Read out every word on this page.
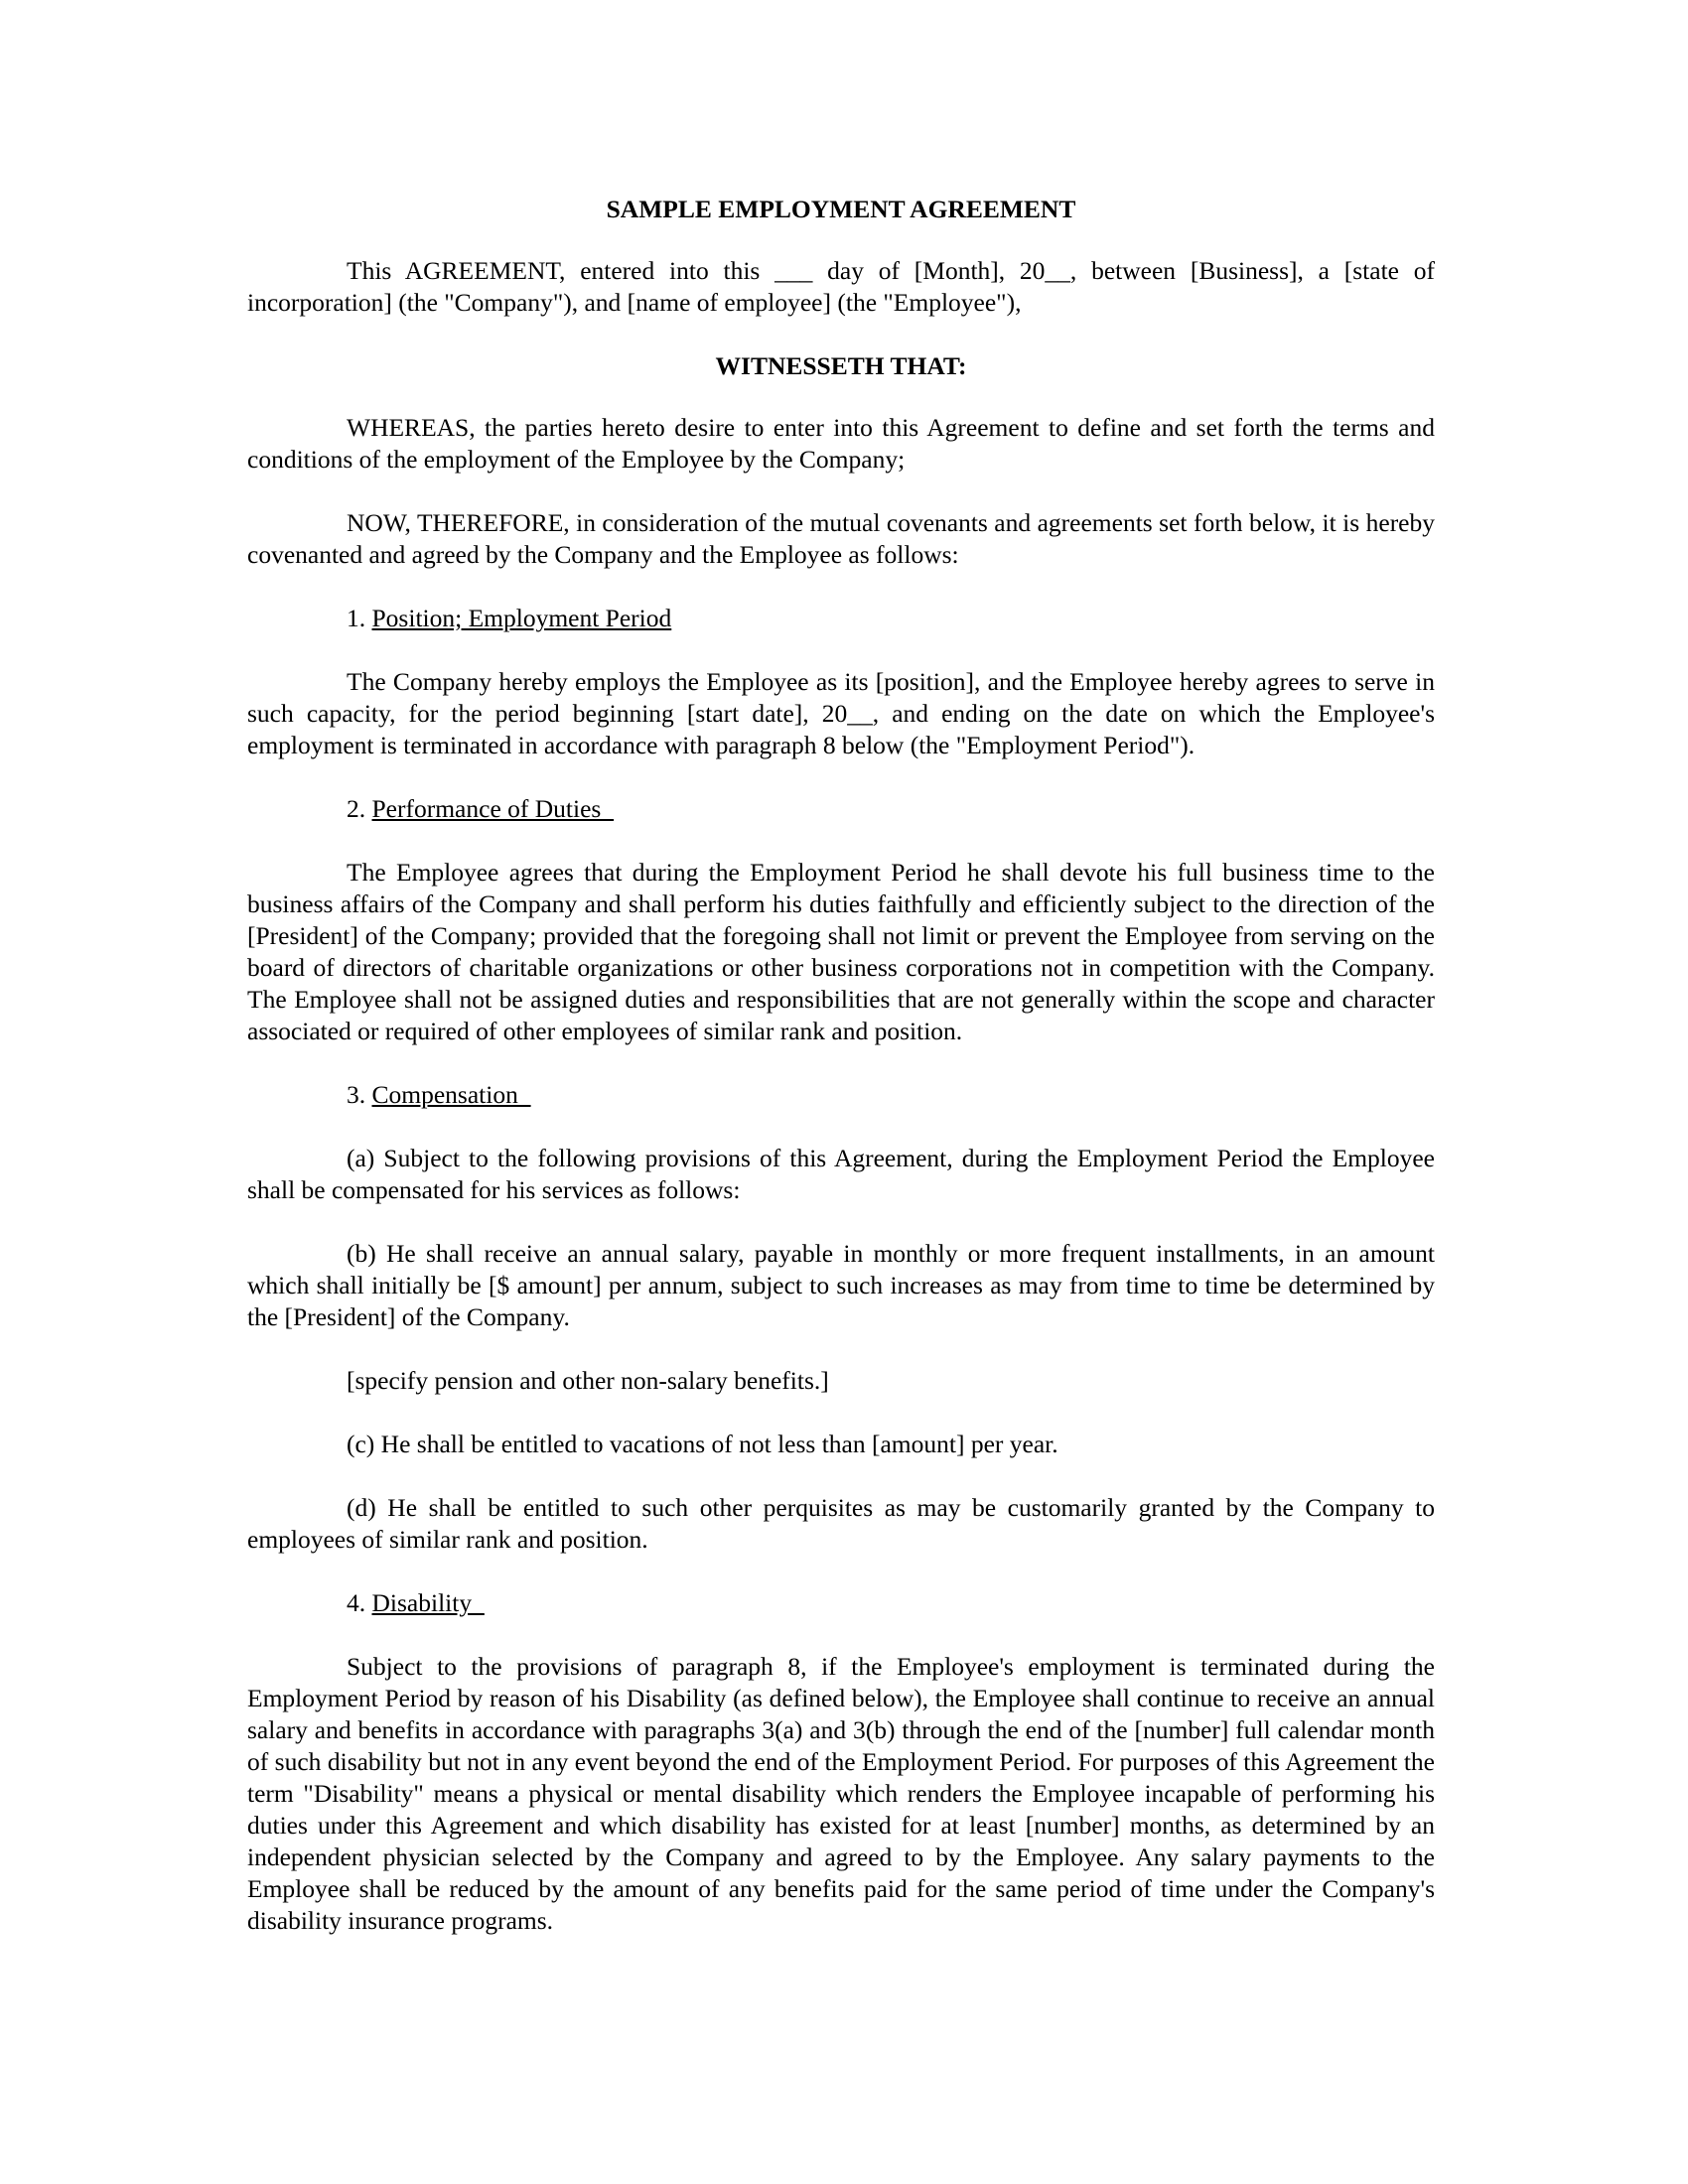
SAMPLE EMPLOYMENT AGREEMENT

This AGREEMENT, entered into this ___ day of [Month], 20__, between [Business], a [state of incorporation] (the "Company"), and [name of employee] (the "Employee"),

WITNESSETH THAT:

WHEREAS, the parties hereto desire to enter into this Agreement to define and set forth the terms and conditions of the employment of the Employee by the Company;

NOW, THEREFORE, in consideration of the mutual covenants and agreements set forth below, it is hereby covenanted and agreed by the Company and the Employee as follows:

1. Position; Employment Period

The Company hereby employs the Employee as its [position], and the Employee hereby agrees to serve in such capacity, for the period beginning [start date], 20__, and ending on the date on which the Employee's employment is terminated in accordance with paragraph 8 below (the "Employment Period").

2. Performance of Duties

The Employee agrees that during the Employment Period he shall devote his full business time to the business affairs of the Company and shall perform his duties faithfully and efficiently subject to the direction of the [President] of the Company; provided that the foregoing shall not limit or prevent the Employee from serving on the board of directors of charitable organizations or other business corporations not in competition with the Company. The Employee shall not be assigned duties and responsibilities that are not generally within the scope and character associated or required of other employees of similar rank and position.

3. Compensation

(a) Subject to the following provisions of this Agreement, during the Employment Period the Employee shall be compensated for his services as follows:

(b) He shall receive an annual salary, payable in monthly or more frequent installments, in an amount which shall initially be [$ amount] per annum, subject to such increases as may from time to time be determined by the [President] of the Company.

[specify pension and other non-salary benefits.]

(c) He shall be entitled to vacations of not less than [amount] per year.

(d) He shall be entitled to such other perquisites as may be customarily granted by the Company to employees of similar rank and position.

4. Disability

Subject to the provisions of paragraph 8, if the Employee's employment is terminated during the Employment Period by reason of his Disability (as defined below), the Employee shall continue to receive an annual salary and benefits in accordance with paragraphs 3(a) and 3(b) through the end of the [number] full calendar month of such disability but not in any event beyond the end of the Employment Period. For purposes of this Agreement the term "Disability" means a physical or mental disability which renders the Employee incapable of performing his duties under this Agreement and which disability has existed for at least [number] months, as determined by an independent physician selected by the Company and agreed to by the Employee. Any salary payments to the Employee shall be reduced by the amount of any benefits paid for the same period of time under the Company's disability insurance programs.
